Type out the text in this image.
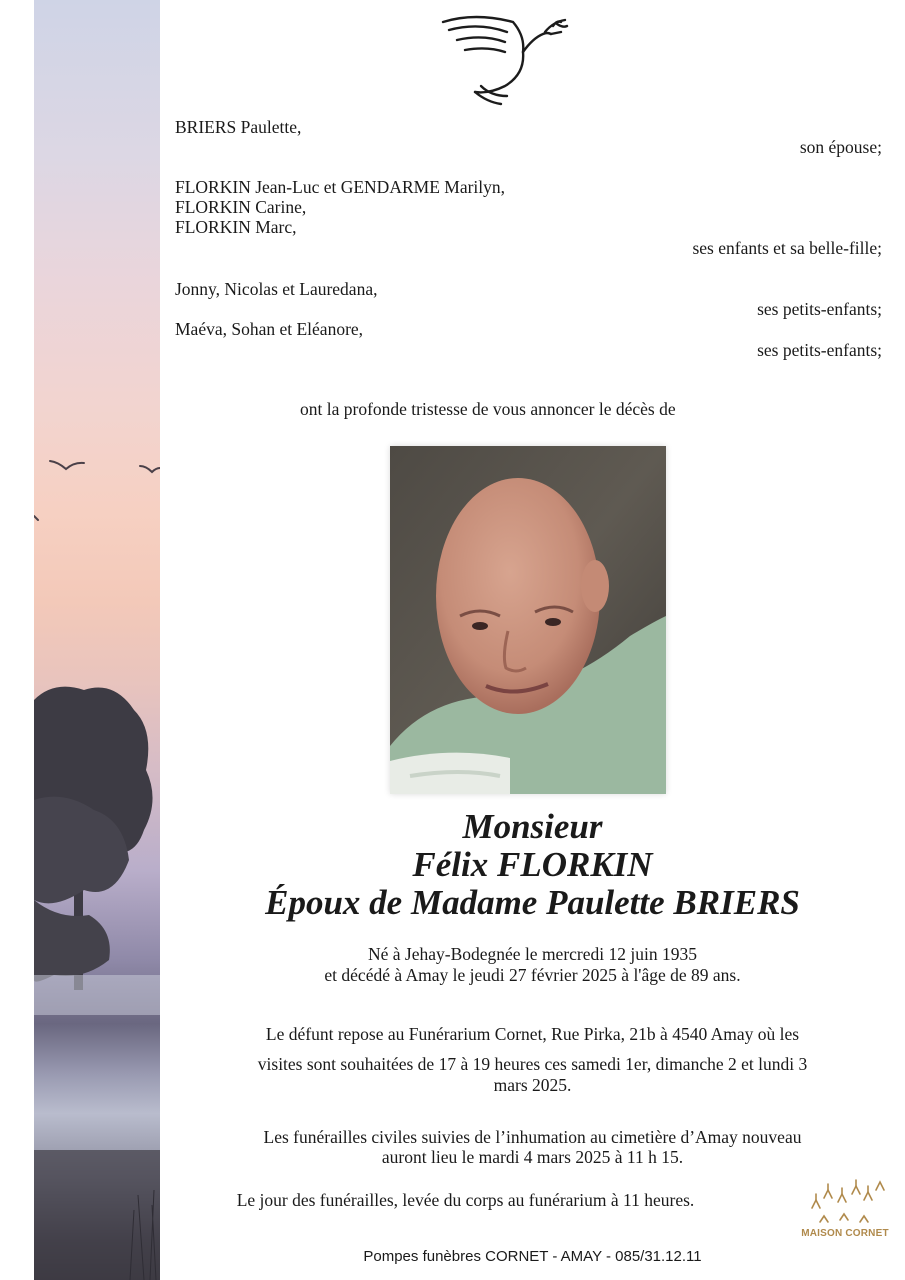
BRIERS Paulette,
son épouse;
FLORKIN Jean-Luc et GENDARME Marilyn,
FLORKIN Carine,
FLORKIN Marc,
ses enfants et sa belle-fille;
Jonny, Nicolas et Lauredana,
ses petits-enfants;
Maéva, Sohan et Eléanore,
ses petits-enfants;
ont la profonde tristesse de vous annoncer le décès de
Monsieur
Félix FLORKIN
Époux de Madame Paulette BRIERS
Né à Jehay-Bodegnée le mercredi 12 juin 1935
et décédé à Amay le jeudi 27 février 2025 à l'âge de 89 ans.
Le défunt repose au Funérarium Cornet, Rue Pirka, 21b à 4540 Amay où les
visites sont souhaitées de 17 à 19 heures ces samedi 1er, dimanche 2 et lundi 3
mars 2025.
Les funérailles civiles suivies de l’inhumation au cimetière d’Amay nouveau
auront lieu le mardi 4 mars 2025 à 11 h 15.
Le jour des funérailles, levée du corps au funérarium à 11 heures.
MAISON CORNET
Pompes funèbres CORNET - AMAY - 085/31.12.11
